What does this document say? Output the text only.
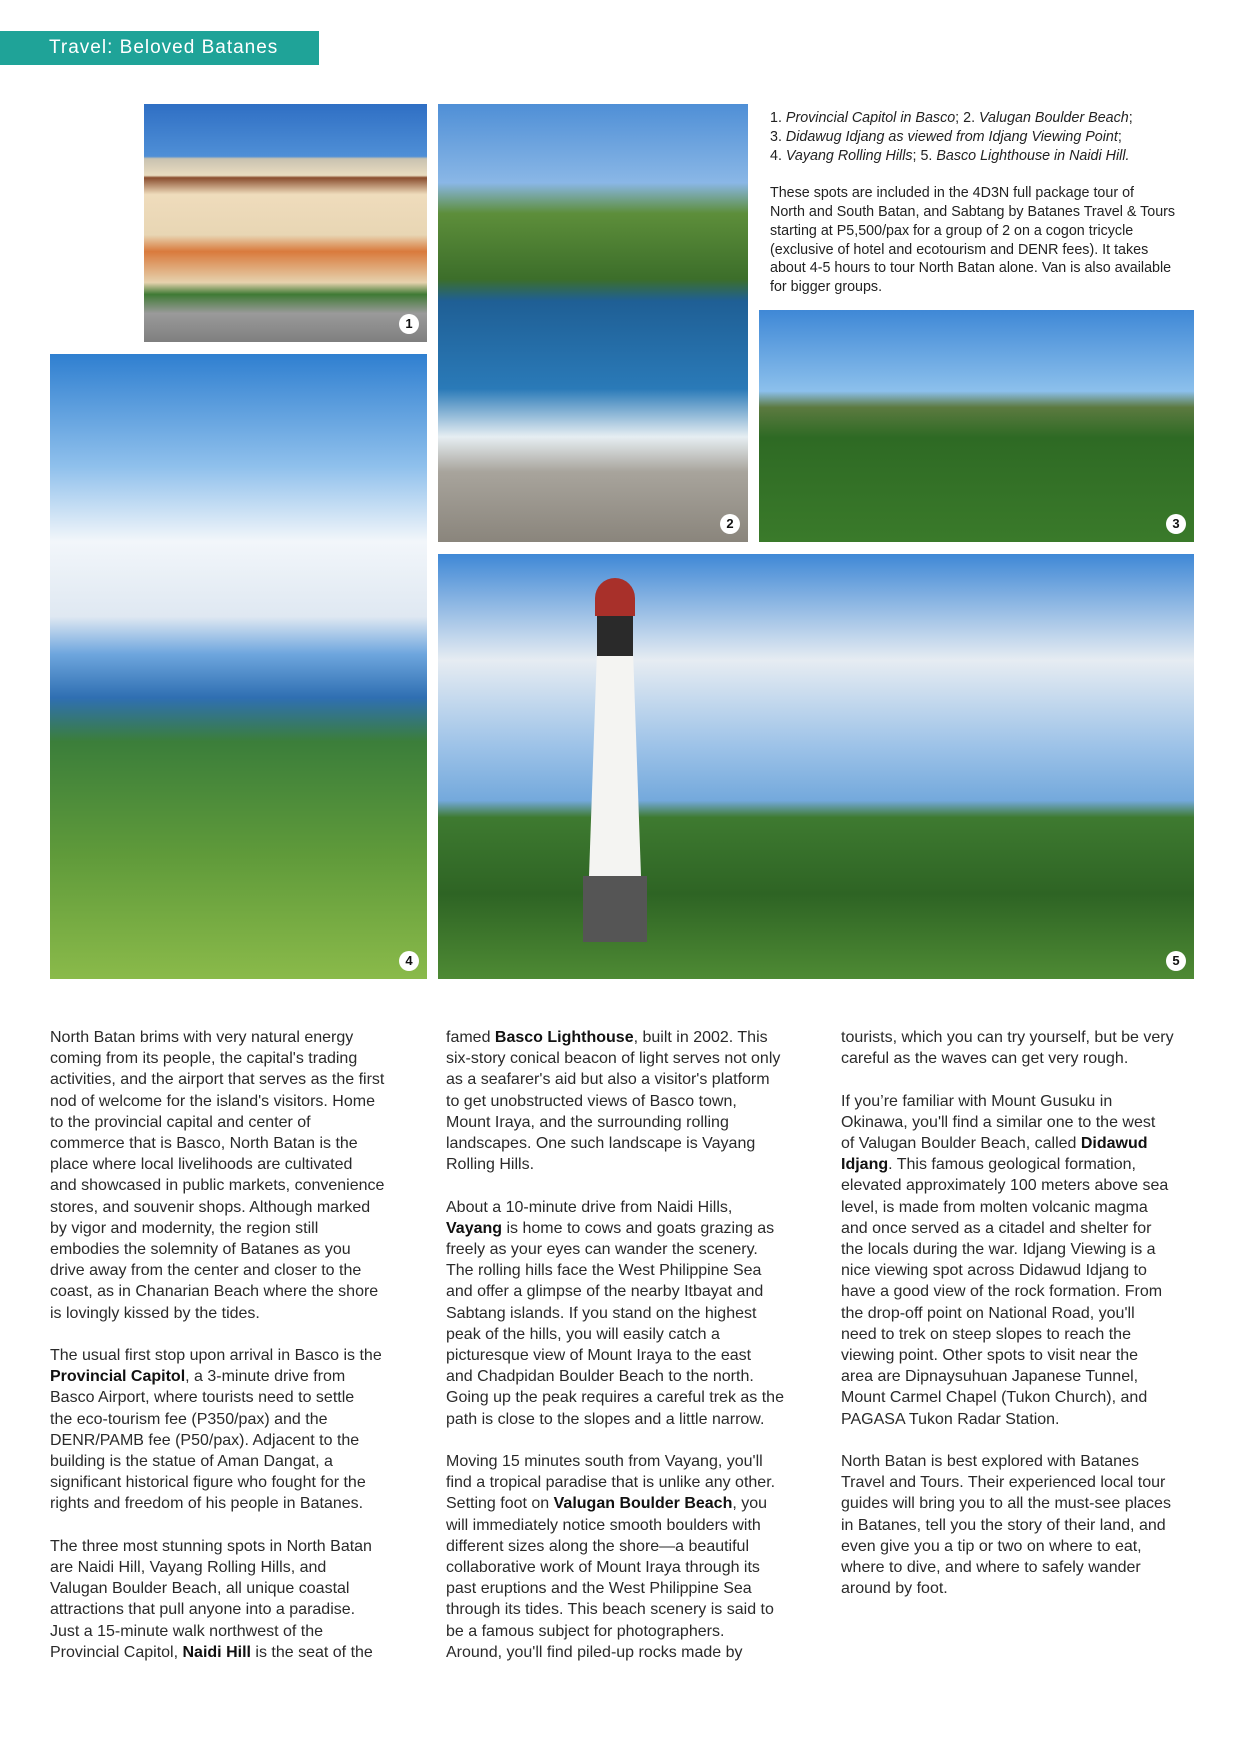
Travel: Beloved Batanes
1
2	3
4	5
1. Provincial Capitol in Basco; 2. Valugan Boulder Beach;
3. Didawug Idjang as viewed from Idjang Viewing Point;
4. Vayang Rolling Hills; 5. Basco Lighthouse in Naidi Hill.
These spots are included in the 4D3N full package tour of
North and South Batan, and Sabtang by Batanes Travel & Tours
starting at P5,500/pax for a group of 2 on a cogon tricycle
(exclusive of hotel and ecotourism and DENR fees). It takes
about 4-5 hours to tour North Batan alone. Van is also available
for bigger groups.
North Batan brims with very natural energy
coming from its people, the capital's trading
activities, and the airport that serves as the first
nod of welcome for the island's visitors. Home
to the provincial capital and center of
commerce that is Basco, North Batan is the
place where local livelihoods are cultivated
and showcased in public markets, convenience
stores, and souvenir shops. Although marked
by vigor and modernity, the region still
embodies the solemnity of Batanes as you
drive away from the center and closer to the
coast, as in Chanarian Beach where the shore
is lovingly kissed by the tides.

The usual first stop upon arrival in Basco is the
Provincial Capitol, a 3-minute drive from
Basco Airport, where tourists need to settle
the eco-tourism fee (P350/pax) and the
DENR/PAMB fee (P50/pax). Adjacent to the
building is the statue of Aman Dangat, a
significant historical figure who fought for the
rights and freedom of his people in Batanes.

The three most stunning spots in North Batan
are Naidi Hill, Vayang Rolling Hills, and
Valugan Boulder Beach, all unique coastal
attractions that pull anyone into a paradise.
Just a 15-minute walk northwest of the
Provincial Capitol, Naidi Hill is the seat of the
famed Basco Lighthouse, built in 2002. This
six-story conical beacon of light serves not only
as a seafarer's aid but also a visitor's platform
to get unobstructed views of Basco town,
Mount Iraya, and the surrounding rolling
landscapes. One such landscape is Vayang
Rolling Hills.

About a 10-minute drive from Naidi Hills,
Vayang is home to cows and goats grazing as
freely as your eyes can wander the scenery.
The rolling hills face the West Philippine Sea
and offer a glimpse of the nearby Itbayat and
Sabtang islands. If you stand on the highest
peak of the hills, you will easily catch a
picturesque view of Mount Iraya to the east
and Chadpidan Boulder Beach to the north.
Going up the peak requires a careful trek as the
path is close to the slopes and a little narrow.

Moving 15 minutes south from Vayang, you'll
find a tropical paradise that is unlike any other.
Setting foot on Valugan Boulder Beach, you
will immediately notice smooth boulders with
different sizes along the shore—a beautiful
collaborative work of Mount Iraya through its
past eruptions and the West Philippine Sea
through its tides. This beach scenery is said to
be a famous subject for photographers.
Around, you'll find piled-up rocks made by
tourists, which you can try yourself, but be very
careful as the waves can get very rough.

If you’re familiar with Mount Gusuku in
Okinawa, you'll find a similar one to the west
of Valugan Boulder Beach, called Didawud
Idjang. This famous geological formation,
elevated approximately 100 meters above sea
level, is made from molten volcanic magma
and once served as a citadel and shelter for
the locals during the war. Idjang Viewing is a
nice viewing spot across Didawud Idjang to
have a good view of the rock formation. From
the drop-off point on National Road, you'll
need to trek on steep slopes to reach the
viewing point. Other spots to visit near the
area are Dipnaysuhuan Japanese Tunnel,
Mount Carmel Chapel (Tukon Church), and
PAGASA Tukon Radar Station.

North Batan is best explored with Batanes
Travel and Tours. Their experienced local tour
guides will bring you to all the must-see places
in Batanes, tell you the story of their land, and
even give you a tip or two on where to eat,
where to dive, and where to safely wander
around by foot.
